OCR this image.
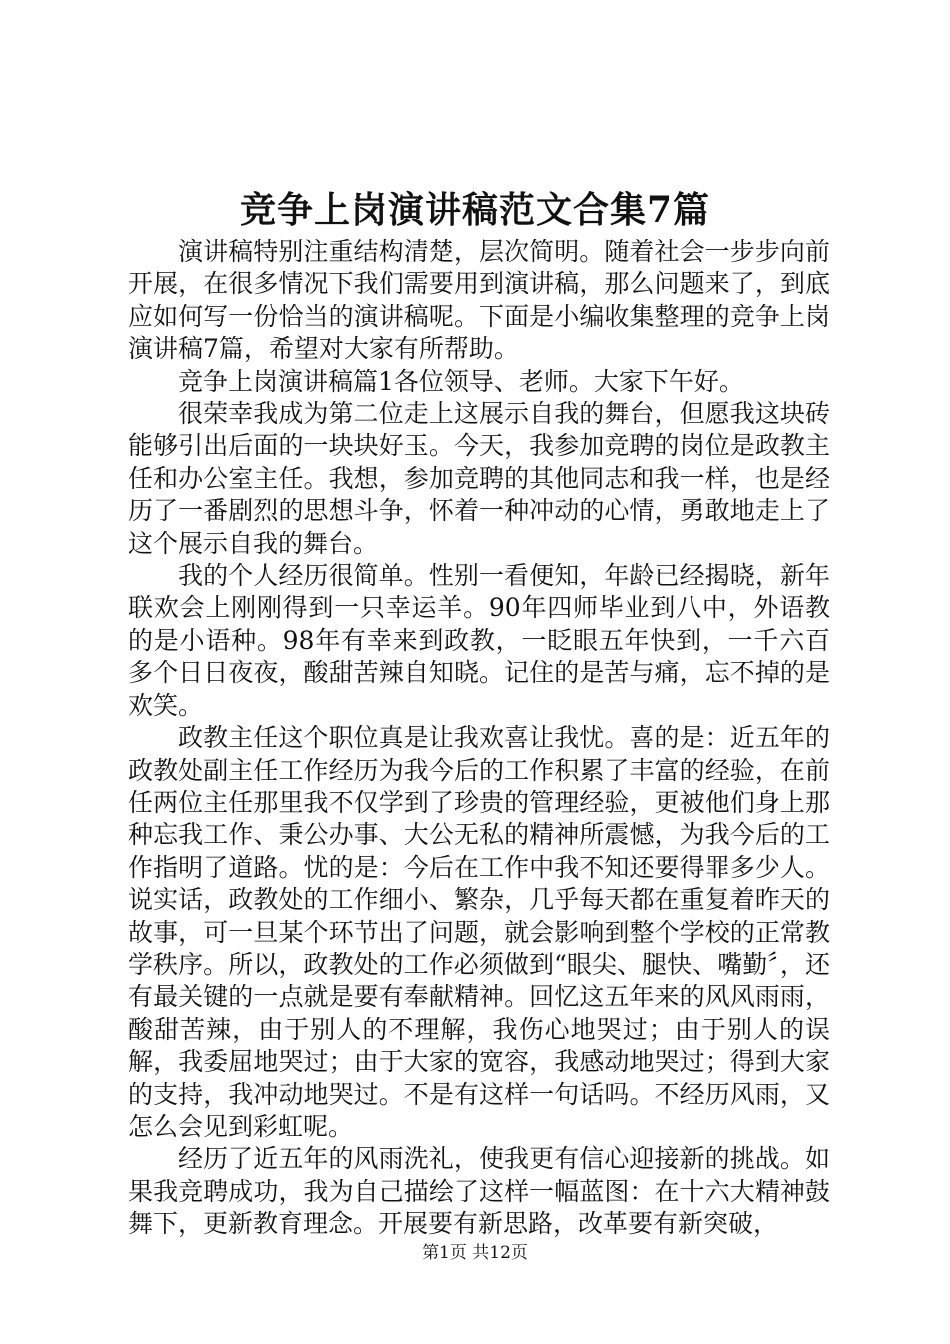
竞争上岗演讲稿范文合集7篇

演讲稿特别注重结构清楚，层次简明。随着社会一步步向前开展，在很多情况下我们需要用到演讲稿，那么问题来了，到底应如何写一份恰当的演讲稿呢。下面是小编收集整理的竞争上岗演讲稿7篇，希望对大家有所帮助。

竞争上岗演讲稿篇1各位领导、老师。大家下午好。

很荣幸我成为第二位走上这展示自我的舞台，但愿我这块砖能够引出后面的一块块好玉。今天，我参加竞聘的岗位是政教主任和办公室主任。我想，参加竞聘的其他同志和我一样，也是经历了一番剧烈的思想斗争，怀着一种冲动的心情，勇敢地走上了这个展示自我的舞台。

我的个人经历很简单。性别一看便知，年龄已经揭晓，新年联欢会上刚刚得到一只幸运羊。90年四师毕业到八中，外语教的是小语种。98年有幸来到政教，一眨眼五年快到，一千六百多个日日夜夜，酸甜苦辣自知晓。记住的是苦与痛，忘不掉的是欢笑。

政教主任这个职位真是让我欢喜让我忧。喜的是：近五年的政教处副主任工作经历为我今后的工作积累了丰富的经验，在前任两位主任那里我不仅学到了珍贵的管理经验，更被他们身上那种忘我工作、秉公办事、大公无私的精神所震憾，为我今后的工作指明了道路。忧的是：今后在工作中我不知还要得罪多少人。说实话，政教处的工作细小、繁杂，几乎每天都在重复着昨天的故事，可一旦某个环节出了问题，就会影响到整个学校的正常教学秩序。所以，政教处的工作必须做到“眼尖、腿快、嘴勤〞，还有最关键的一点就是要有奉献精神。回忆这五年来的风风雨雨，酸甜苦辣，由于别人的不理解，我伤心地哭过；由于别人的误解，我委屈地哭过；由于大家的宽容，我感动地哭过；得到大家的支持，我冲动地哭过。不是有这样一句话吗。不经历风雨，又怎么会见到彩虹呢。

经历了近五年的风雨洗礼，使我更有信心迎接新的挑战。如果我竞聘成功，我为自己描绘了这样一幅蓝图：在十六大精神鼓舞下，更新教育理念。开展要有新思路，改革要有新突破，

第1页 共12页
